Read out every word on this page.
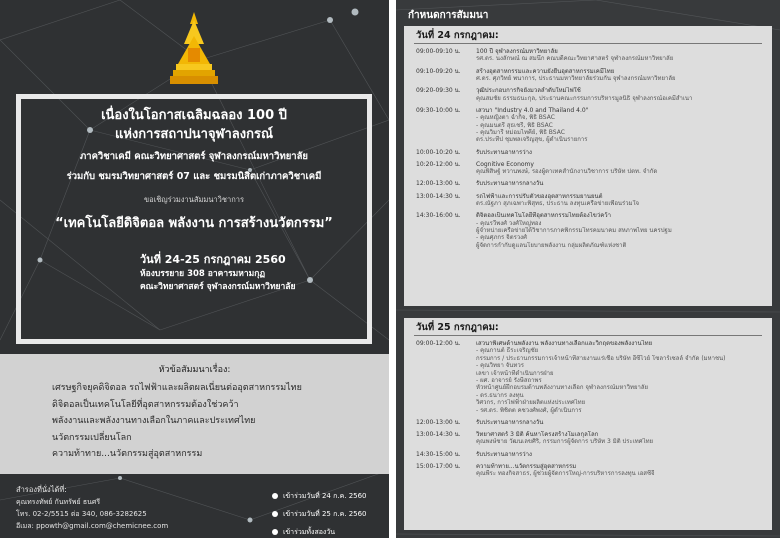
เนื่องในโอกาสเฉลิมฉลอง 100 ปี
แห่งการสถาปนาจุฬาลงกรณ์
ภาควิชาเคมี คณะวิทยาศาสตร์ จุฬาลงกรณ์มหาวิทยาลัย
ร่วมกับ ชมรมวิทยาศาสตร์ 07 และ ชมรมนิสิตเก่าภาควิชาเคมี
ขอเชิญร่วมงานสัมมนาวิชาการ
“เทคโนโลยีดิจิตอล พลังงาน การสร้างนวัตกรรม”
วันที่ 24-25 กรกฎาคม 2560
ห้องบรรยาย 308 อาคารมหามกุฏ
คณะวิทยาศาสตร์ จุฬาลงกรณ์มหาวิทยาลัย
หัวข้อสัมมนาเรื่อง:
เศรษฐกิจยุคดิจิตอล รถไฟฟ้าและผลิตผลเนี่ยนต่ออุตสาหกรรมไทย
ดิจิตอลเป็นเทคโนโลยีที่อุตสาหกรรมต้องใช่วคว้า
พลังงานและพลังงานทางเลือกในภาคและประเทศไทย
นวัตกรรมเปลี่ยนโลก
ความท้าทาย...นวัตกรรมสู่อุตสาหกรรม
สำรองที่นั่งได้ที่:
คุณทรงทัพย์ กันทรัพย์ ธนศรี
โทร. 02-2/5515 ต่อ 340, 086-3282625
อีเมล: ppowth@gmail.com@chemicnee.com
เข้าร่วมวันที่ 24 ก.ค. 2560
เข้าร่วมวันที่ 25 ก.ค. 2560
เข้าร่วมทั้งสองวัน
กำหนดการสัมมนา
วันที่ 24 กรกฎาคม:
09:00-09:10 น.	100 ปี จุฬาลงกรณ์มหาวิทยาลัย
รศ.ดร. นงลักษณ์ ณ สมนึก คณบดีคณะวิทยาศาสตร์ จุฬาลงกรณ์มหาวิทยาลัย
09:10-09:20 น.	สร้างอุตสาหกรรมและความยั่งยืนอุตสาหกรรมเคมีไทย
ศ.ดร. ศุภวิทย์ พนาการ, ประธานมหาวิทยาลัยร่วมกัน จุฬาลงกรณ์มหาวิทยาลัย
09:20-09:30 น.	วุฒิประกอบการกิจยั่งมวลลำดับใหม่ไฟใช้
คุณสมชัย ธรรมธนะกุล, ประธานคณะกรรมการบริหารมูลนิธิ จุฬาลงกรณ์อเคมีสำเนา
09:30-10:00 น.	เสวนา "Industry 4.0 and Thailand 4.0"
- คุณหญิงตา ฉ่ำกิจ, พิธิ BSAC
- คุณมนตรี สุธเชรี, พิธิ BSAC
- คุณวิมารี หม่อมไทคีย์, พิธิ BSAC
ดร.ประทีป ชุมพลเจริญสุข, ผู้ดำเนินรายการ
10:00-10:20 น.	รับประทานอาหารว่าง
10:20-12:00 น.	Cognitive Economy
คุณพิสิษฐ์ ทวานพงษ์, รองผู้ตาเทคสำนักงานวิชาการ บริษัท ปตท. จำกัด
12:00-13:00 น.	รับประทานอาหารกลางวัน
13:00-14:30 น.	รถไฟฟ้าและการปรับตัวของอุตสาหกรรมยานยนต์
ดร.ณัฐภา สุภเฉพาะพิสุทธ, ประธาน ลงทุนเครือข่ายเพื่อนร่วมใจ
14:30-16:00 น.	ดิจิตอลเป็นเทคโนโลยีที่อุตสาหกรรมไทยต้องไขว่คว้า
- คุณรวีพงศ์ วงศ์ใหญ่ทอง
ผู้จำหน่ายเครือข่ายใต้วิชาการภาคพิกรรมโทรคมนาคม สหภาพไทย นครปฐม
- คุณศุภกร จิตรวงศ์
ผู้จัดการกำกับดูแลนโยบายพลังงาน กลุ่มผลิตภัณฑ์แห่งชาติ
วันที่ 25 กรกฎาคม:
09:00-12:00 น.	เสวนาพิเศษด้านพลังงาน พลังงานทางเลือกและวิกฤตของพลังงานไทย
- คุณกานต์ ธีระเจริญชัย
กรรมการ / ประธานกรรมการเจ้าหน้าที่สายงานแร่เชื้อ บริษัท อีซี่ไวย์ โซลาร์เซลล์ จำกัด (มหาชน)
- คุณวิทยา จันทวร
เลขา เจ้าหน้าที่ดำเนินการฝ่าย
- ผศ. อาจารย์ รังษีสถาพร
หัวหน้าศูนย์ฝึกอบรมด้านพลังงานทางเลือก จุฬาลงกรณ์มหาวิทยาลัย
- ดร.ธนากร ลงทุน
วิศวกร, การไฟฟ้าฝ่ายผลิตแห่งประเทศไทย
- รศ.ดร. พิชิตต คชวงศ์พงศ์, ผู้ดำเนินการ
12:00-13:00 น.	รับประทานอาหารกลางวัน
13:00-14:30 น.	วิทยาศาสตร์ 3 มิติ ค้นหาโครงสร้างโมเลกุลโลก
คุณพงษ์ชาย วัฒนเลขศิริ, กรรมการผู้จัดการ บริษัท 3 มิติ ประเทศไทย
14:30-15:00 น.	รับประทานอาหารว่าง
15:00-17:00 น.	ความท้าทาย...นวัตกรรมสู่อุตสาหกรรม
คุณพีระ ทองกิจสาธร, ผู้ช่วยผู้จัดการใหญ่-การบริหารการลงทุน เอสซีจี
